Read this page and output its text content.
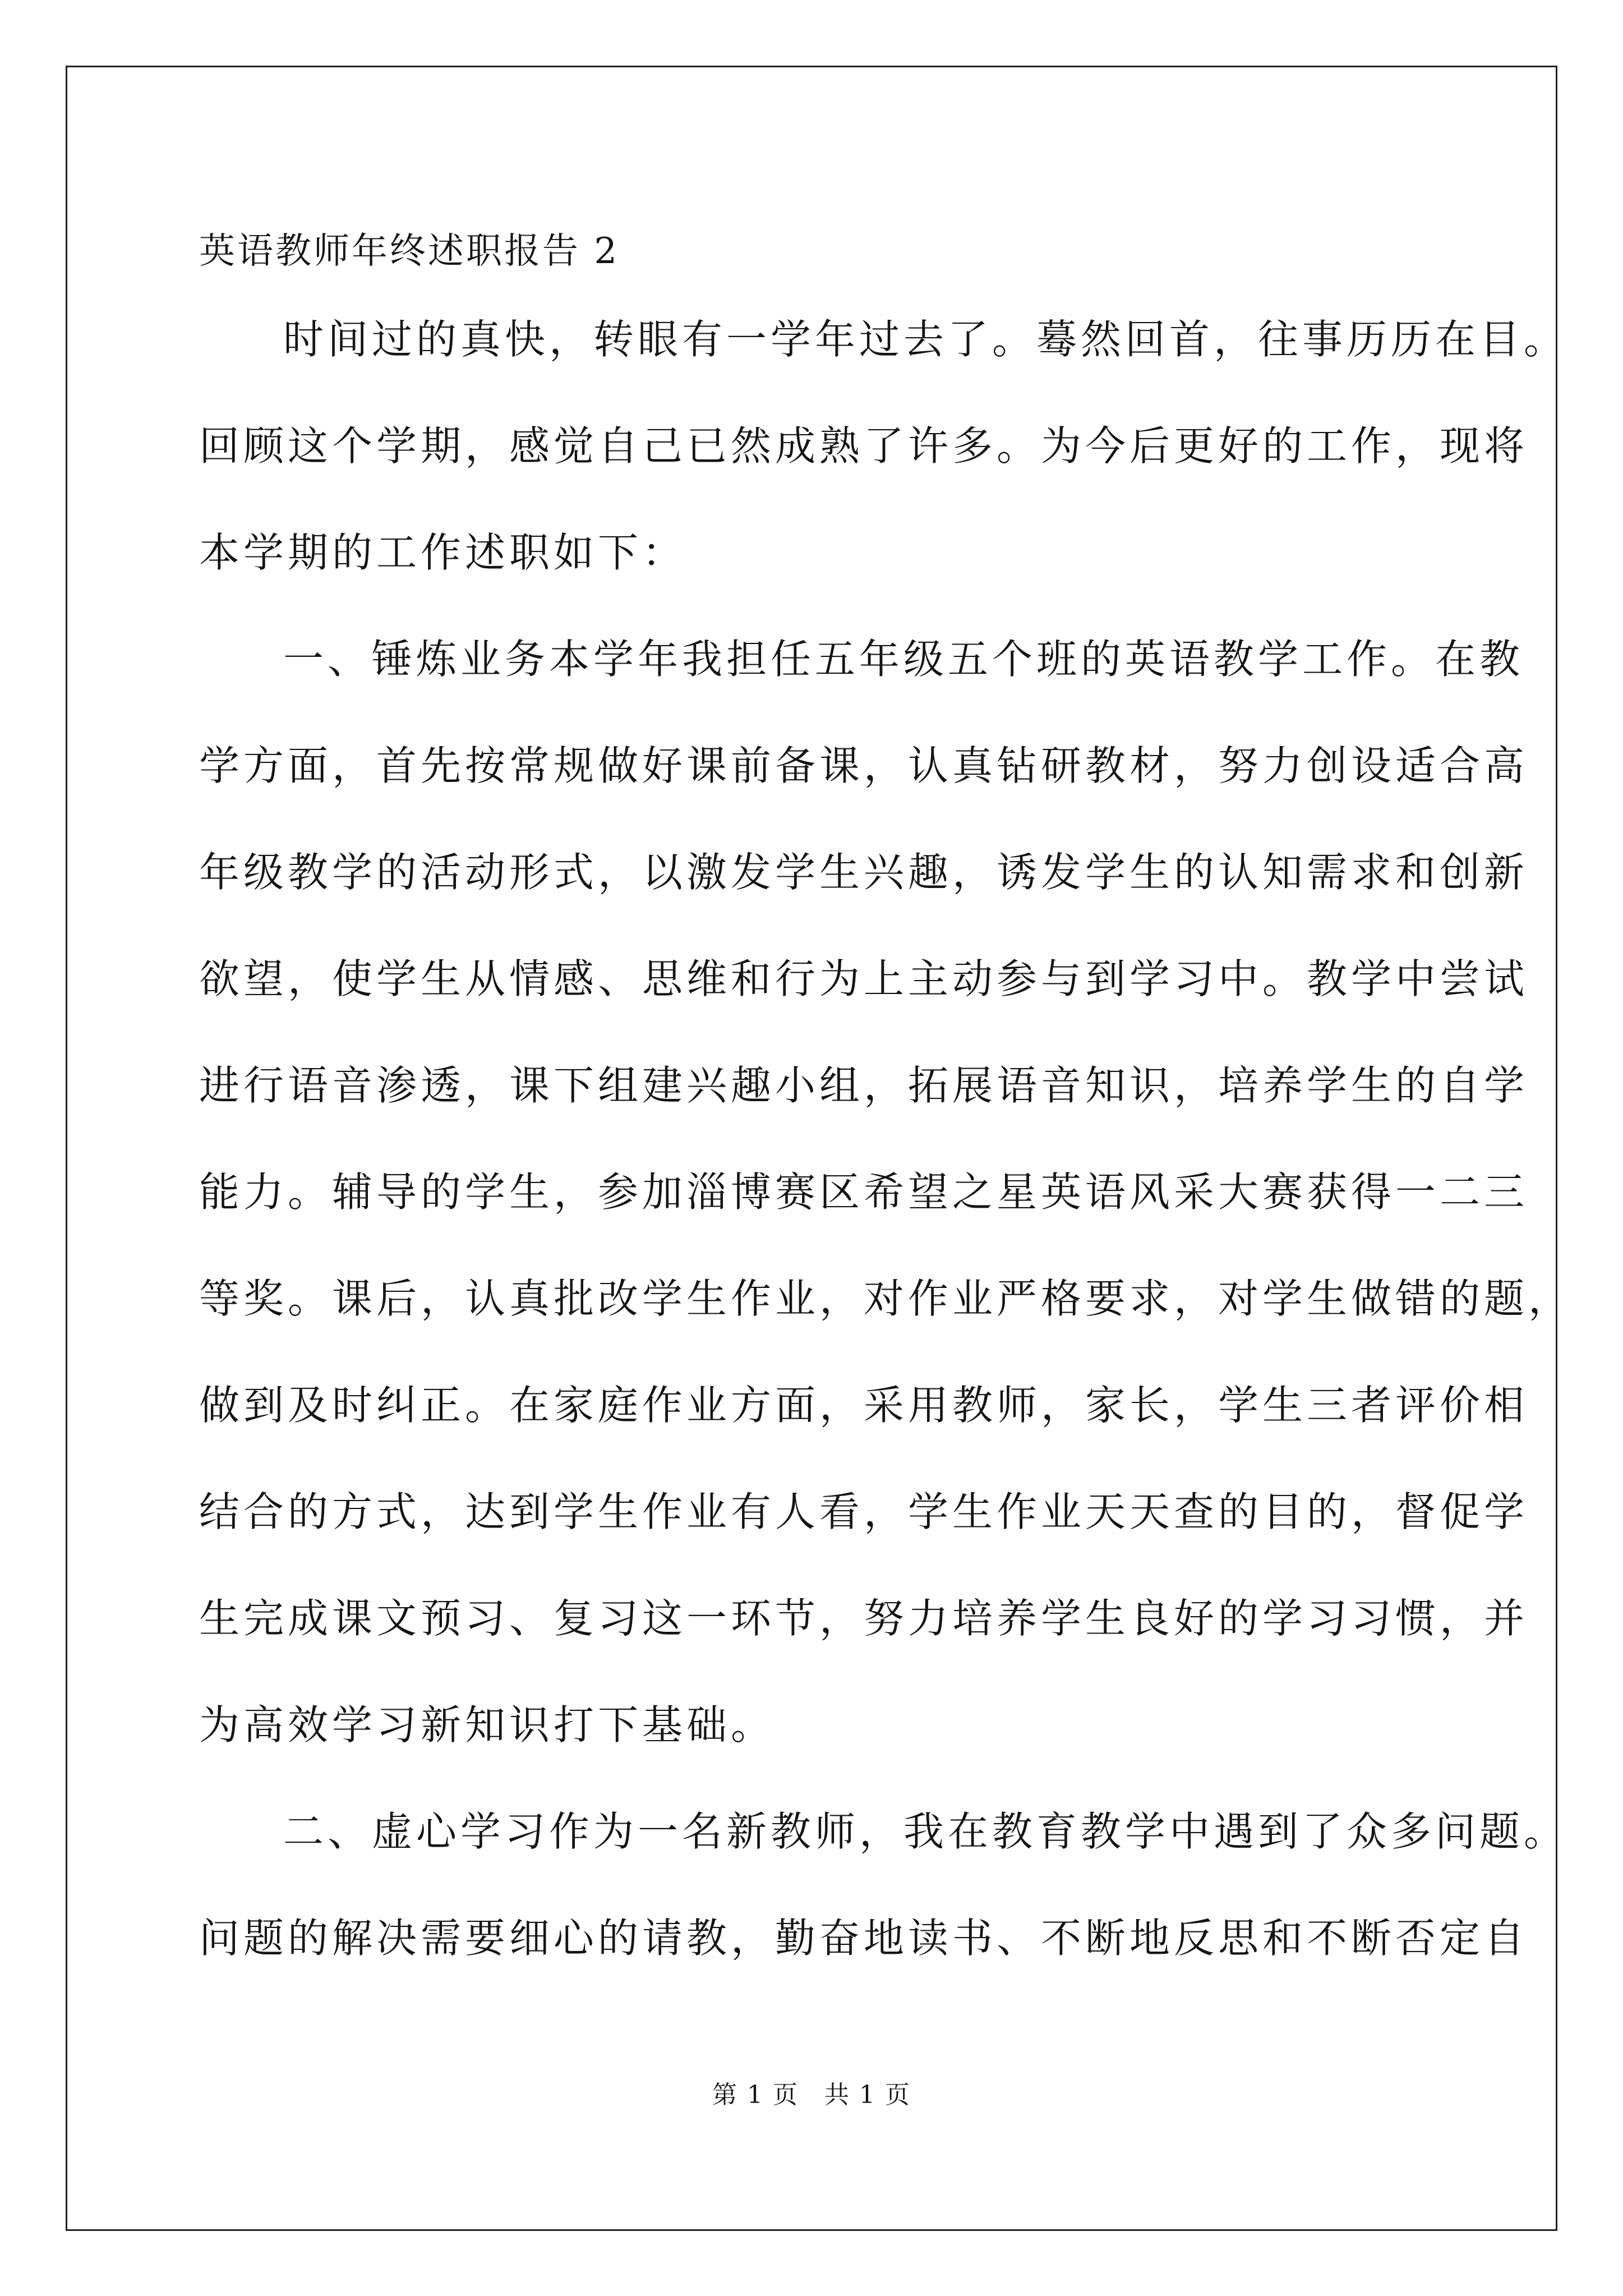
英语教师年终述职报告 2
时间过的真快，转眼有一学年过去了。蓦然回首，往事历历在目。
回顾这个学期，感觉自己已然成熟了许多。为今后更好的工作，现将
本学期的工作述职如下：
一、锤炼业务本学年我担任五年级五个班的英语教学工作。在教
学方面，首先按常规做好课前备课，认真钻研教材，努力创设适合高
年级教学的活动形式，以激发学生兴趣，诱发学生的认知需求和创新
欲望，使学生从情感、思维和行为上主动参与到学习中。教学中尝试
进行语音渗透，课下组建兴趣小组，拓展语音知识，培养学生的自学
能力。辅导的学生，参加淄博赛区希望之星英语风采大赛获得一二三
等奖。课后，认真批改学生作业，对作业严格要求，对学生做错的题，
做到及时纠正。在家庭作业方面，采用教师，家长，学生三者评价相
结合的方式，达到学生作业有人看，学生作业天天查的目的，督促学
生完成课文预习、复习这一环节，努力培养学生良好的学习习惯，并
为高效学习新知识打下基础。
二、虚心学习作为一名新教师，我在教育教学中遇到了众多问题。
问题的解决需要细心的请教，勤奋地读书、不断地反思和不断否定自
第 1 页　共 1 页
